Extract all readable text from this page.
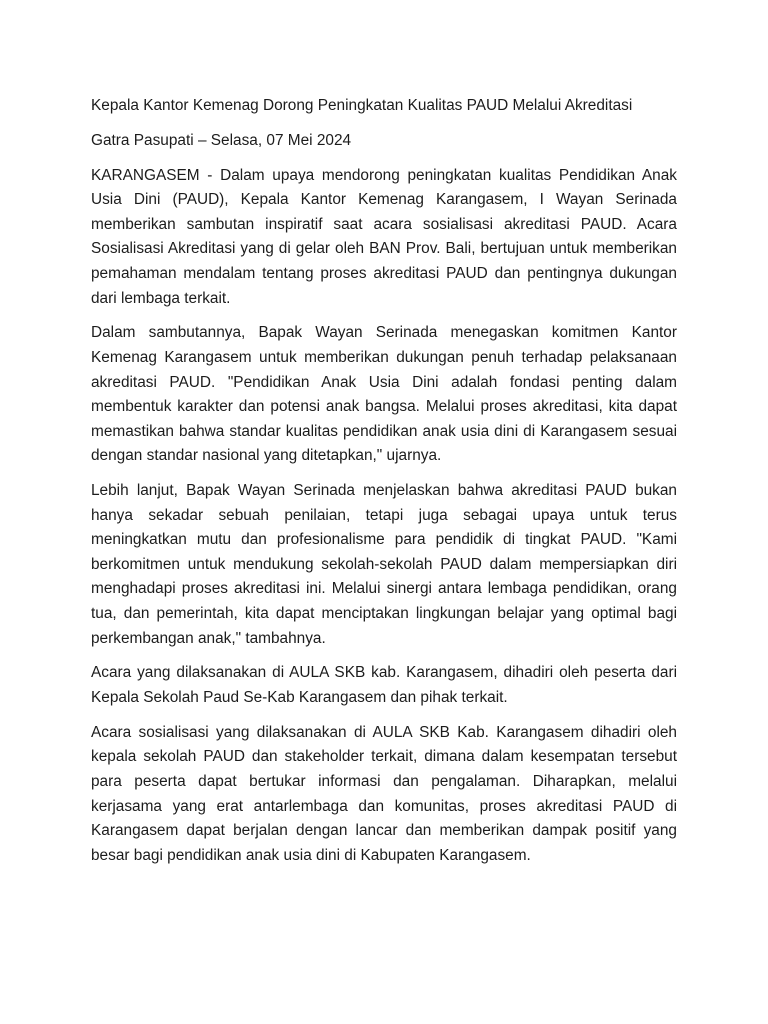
Kepala Kantor Kemenag Dorong Peningkatan Kualitas PAUD Melalui Akreditasi

Gatra Pasupati – Selasa, 07 Mei 2024

KARANGASEM - Dalam upaya mendorong peningkatan kualitas Pendidikan Anak Usia Dini (PAUD), Kepala Kantor Kemenag Karangasem, I Wayan Serinada memberikan sambutan inspiratif saat acara sosialisasi akreditasi PAUD. Acara Sosialisasi Akreditasi yang di gelar oleh BAN Prov. Bali, bertujuan untuk memberikan pemahaman mendalam tentang proses akreditasi PAUD dan pentingnya dukungan dari lembaga terkait.

Dalam sambutannya, Bapak Wayan Serinada menegaskan komitmen Kantor Kemenag Karangasem untuk memberikan dukungan penuh terhadap pelaksanaan akreditasi PAUD. "Pendidikan Anak Usia Dini adalah fondasi penting dalam membentuk karakter dan potensi anak bangsa. Melalui proses akreditasi, kita dapat memastikan bahwa standar kualitas pendidikan anak usia dini di Karangasem sesuai dengan standar nasional yang ditetapkan," ujarnya.

Lebih lanjut, Bapak Wayan Serinada menjelaskan bahwa akreditasi PAUD bukan hanya sekadar sebuah penilaian, tetapi juga sebagai upaya untuk terus meningkatkan mutu dan profesionalisme para pendidik di tingkat PAUD. "Kami berkomitmen untuk mendukung sekolah-sekolah PAUD dalam mempersiapkan diri menghadapi proses akreditasi ini. Melalui sinergi antara lembaga pendidikan, orang tua, dan pemerintah, kita dapat menciptakan lingkungan belajar yang optimal bagi perkembangan anak," tambahnya.

Acara yang dilaksanakan di AULA SKB kab. Karangasem, dihadiri oleh peserta dari Kepala Sekolah Paud Se-Kab Karangasem dan pihak terkait.

Acara sosialisasi yang dilaksanakan di AULA SKB Kab. Karangasem dihadiri oleh kepala sekolah PAUD dan stakeholder terkait, dimana dalam kesempatan tersebut para peserta dapat bertukar informasi dan pengalaman. Diharapkan, melalui kerjasama yang erat antarlembaga dan komunitas, proses akreditasi PAUD di Karangasem dapat berjalan dengan lancar dan memberikan dampak positif yang besar bagi pendidikan anak usia dini di Kabupaten Karangasem.
